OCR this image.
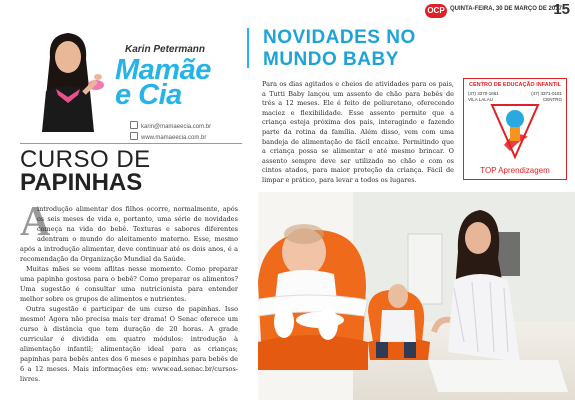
OCP QUINTA-FEIRA, 30 DE MARÇO DE 2017
15
Karin Petermann
Mamãe
e Cia
karin@mamaeecia.com.br
www.mamaeecia.com.br
CURSO DE
PAPINHAS
A

introdução alimentar dos filhos ocorre, normalmente, após os seis meses de vida e, portanto, uma série de novidades começa na vida do bebê. Texturas e sabores diferentes adentram o mundo do aleitamento materno. Esse, mesmo após a introdução alimentar, deve continuar até os dois anos, é a recomendação da Organização Mundial da Saúde.

Muitas mães se veem aflitas nesse momento. Como preparar uma papinha gostosa para o bebê? Como preparar os alimentos? Uma sugestão é consultar uma nutricionista para entender melhor sobre os grupos de alimentos e nutrientes.

Outra sugestão é participar de um curso de papinhas. Isso mesmo! Agora não precisa mais ter drama! O Senac oferece um curso à distância que tem duração de 20 horas. A grade curricular é dividida em quatro módulos: introdução à alimentação infantil; alimentação ideal para as crianças; papinhas para bebês antes dos 6 meses e papinhas para bebês de 6 a 12 meses. Mais informações em: www.ead.senac.br/cursos-livres.

NOVIDADES NO
MUNDO BABY
Para os dias agitados e cheios de atividades para os pais, a Tutti Baby lançou um assento de chão para bebês de três a 12 meses. Ele é feito de poliuretano, oferecendo maciez e flexibilidade. Esse assento permite que a criança esteja próxima dos pais, interagindo e fazendo parte da rotina da família. Além disso, vem com uma bandeja de alimentação de fácil encaixe. Permitindo que a criança possa se alimentar e até mesmo brincar. O assento sempre deve ser utilizado no chão e com os cintos atados, para maior proteção da criança. Fácil de limpar e prático, para levar a todos os lugares.
CENTRO DE EDUCAÇÃO INFANTIL
(47) 3370-1661
VILA LALAU
(47) 3371-0181
CENTRO
TOP Aprendizagem
